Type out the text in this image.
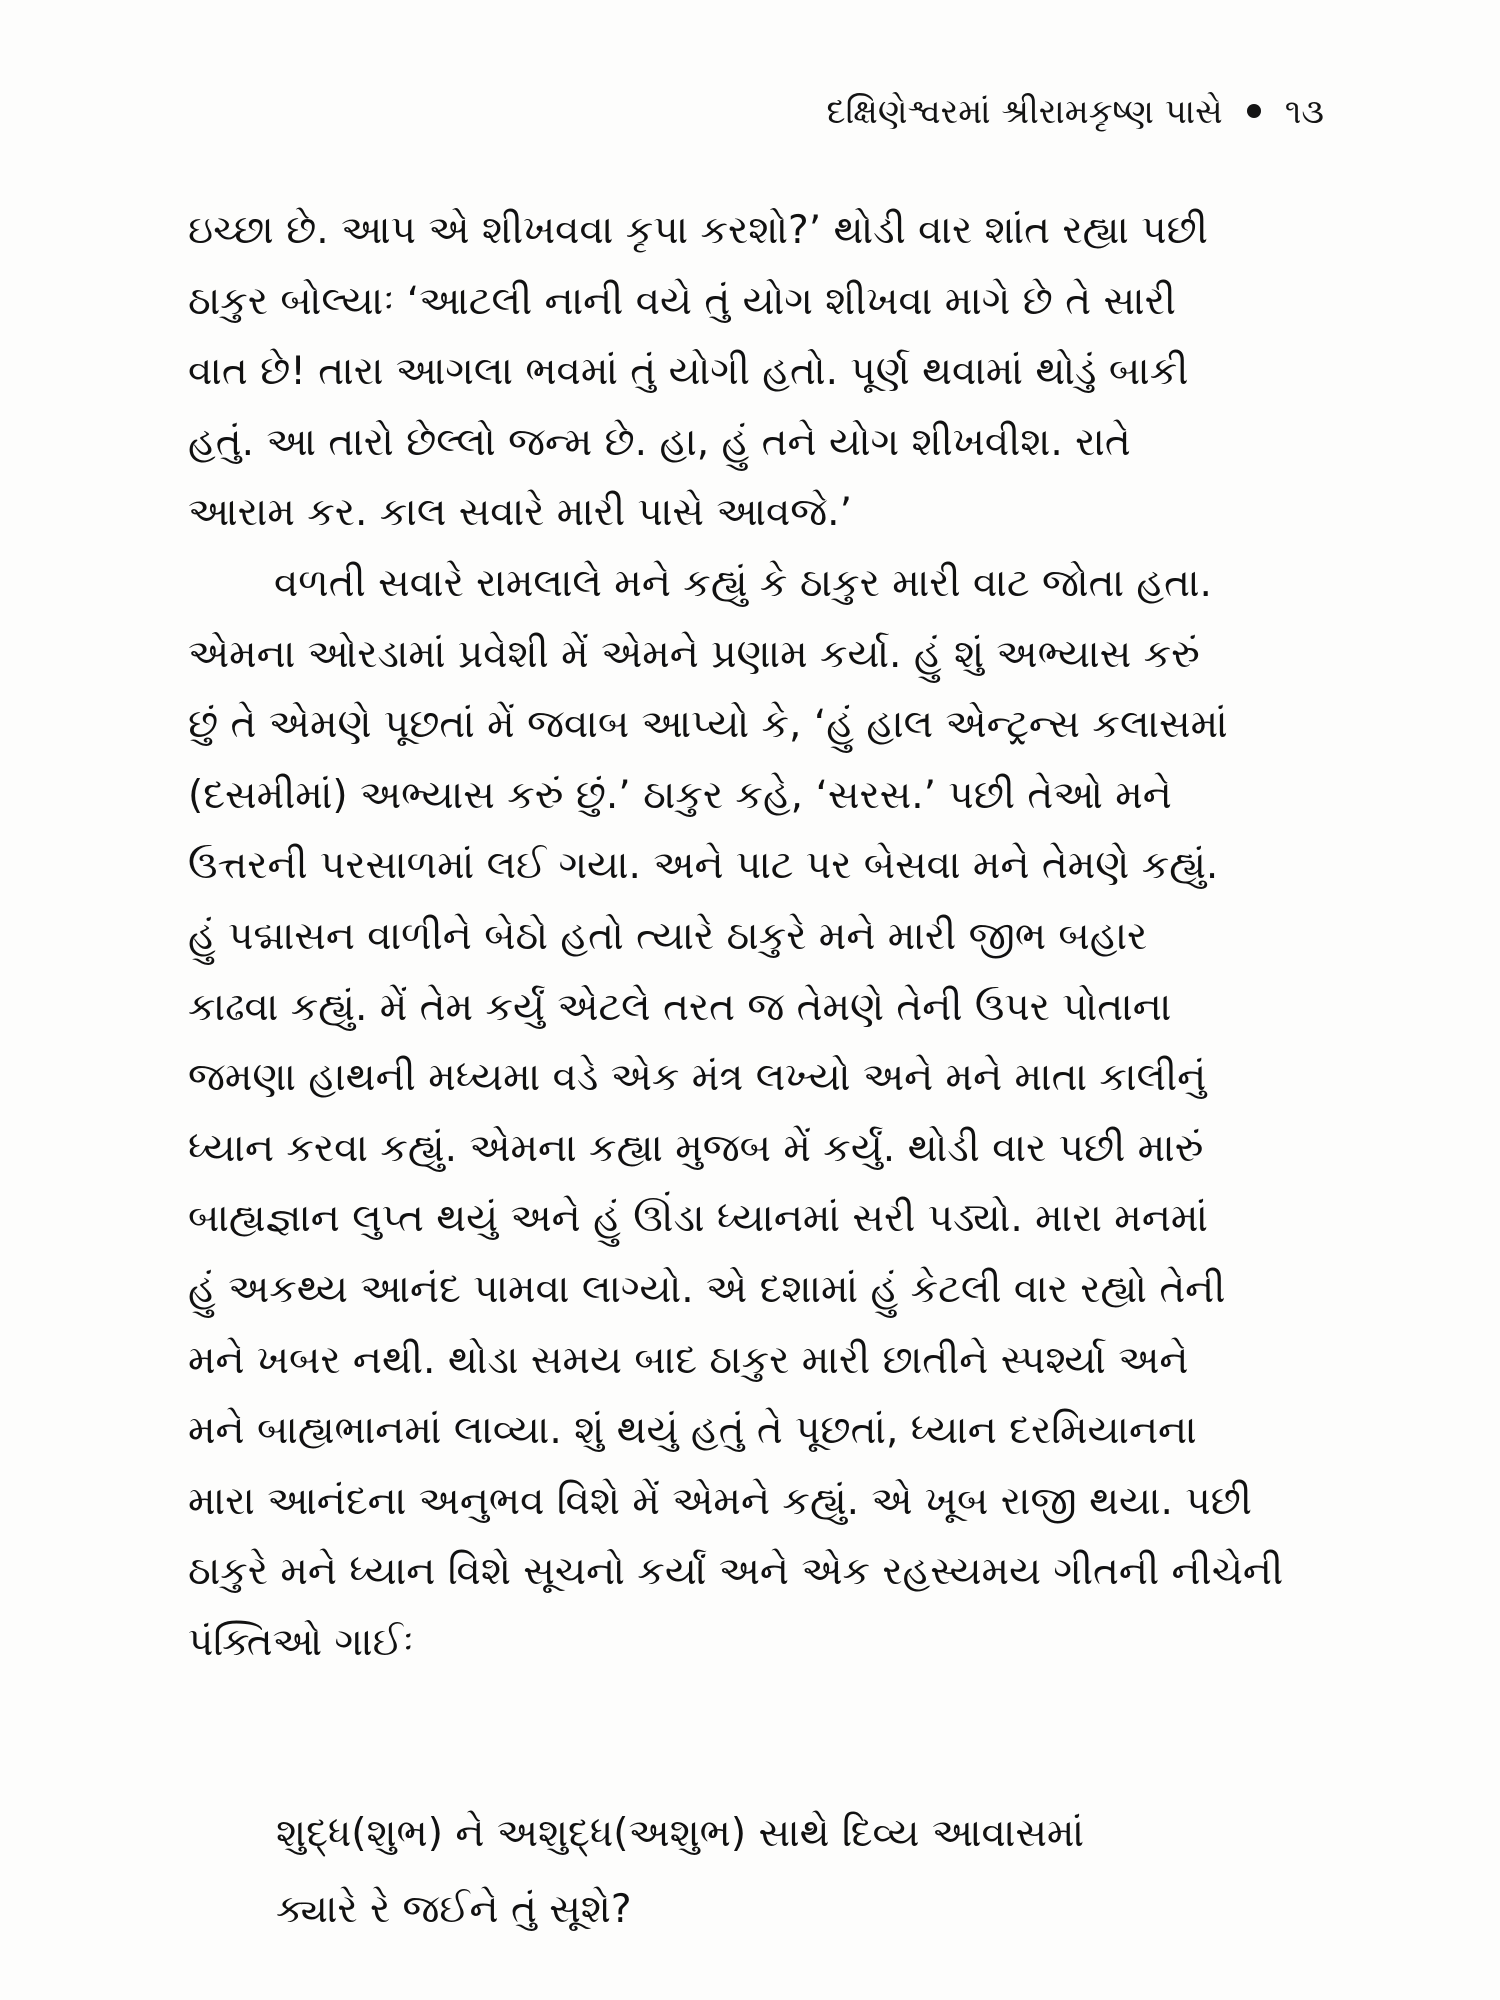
દક્ષિણેશ્વરમાં શ્રીરામકૃષ્ણ પાસે ૧૩
ઇચ્છા છે. આપ એ શીખવવા કૃપા કરશો?’ થોડી વાર શાંત રહ્યા પછી
ઠાકુર બોલ્યાઃ ‘આટલી નાની વયે તું યોગ શીખવા માગે છે તે સારી
વાત છે! તારા આગલા ભવમાં તું યોગી હતો. પૂર્ણ થવામાં થોડું બાકી
હતું. આ તારો છેલ્લો જન્મ છે. હા, હું તને યોગ શીખવીશ. રાતે
આરામ કર. કાલ સવારે મારી પાસે આવજે.’
વળતી સવારે રામલાલે મને કહ્યું કે ઠાકુર મારી વાટ જોતા હતા.
એમના ઓરડામાં પ્રવેશી મેં એમને પ્રણામ કર્યા. હું શું અભ્યાસ કરું
છું તે એમણે પૂછતાં મેં જવાબ આપ્યો કે, ‘હું હાલ એન્ટ્રન્સ કલાસમાં
(દસમીમાં) અભ્યાસ કરું છું.’ ઠાકુર કહે, ‘સરસ.’ પછી તેઓ મને
ઉત્તરની પરસાળમાં લઈ ગયા. અને પાટ પર બેસવા મને તેમણે કહ્યું.
હું પદ્માસન વાળીને બેઠો હતો ત્યારે ઠાકુરે મને મારી જીભ બહાર
કાઢવા કહ્યું. મેં તેમ કર્યું એટલે તરત જ તેમણે તેની ઉપર પોતાના
જમણા હાથની મધ્યમા વડે એક મંત્ર લખ્યો અને મને માતા કાલીનું
ધ્યાન કરવા કહ્યું. એમના કહ્યા મુજબ મેં કર્યું. થોડી વાર પછી મારું
બાહ્યજ્ઞાન લુપ્ત થયું અને હું ઊંડા ધ્યાનમાં સરી પડ્યો. મારા મનમાં
હું અકથ્ય આનંદ પામવા લાગ્યો. એ દશામાં હું કેટલી વાર રહ્યો તેની
મને ખબર નથી. થોડા સમય બાદ ઠાકુર મારી છાતીને સ્પર્શ્યા અને
મને બાહ્યભાનમાં લાવ્યા. શું થયું હતું તે પૂછતાં, ધ્યાન દરમિયાનના
મારા આનંદના અનુભવ વિશે મેં એમને કહ્યું. એ ખૂબ રાજી થયા. પછી
ઠાકુરે મને ધ્યાન વિશે સૂચનો કર્યાં અને એક રહસ્યમય ગીતની નીચેની
પંક્તિઓ ગાઈઃ
શુદ્ધ(શુભ) ને અશુદ્ધ(અશુભ) સાથે દિવ્ય આવાસમાં
ક્યારે રે જઈને તું સૂશે?
